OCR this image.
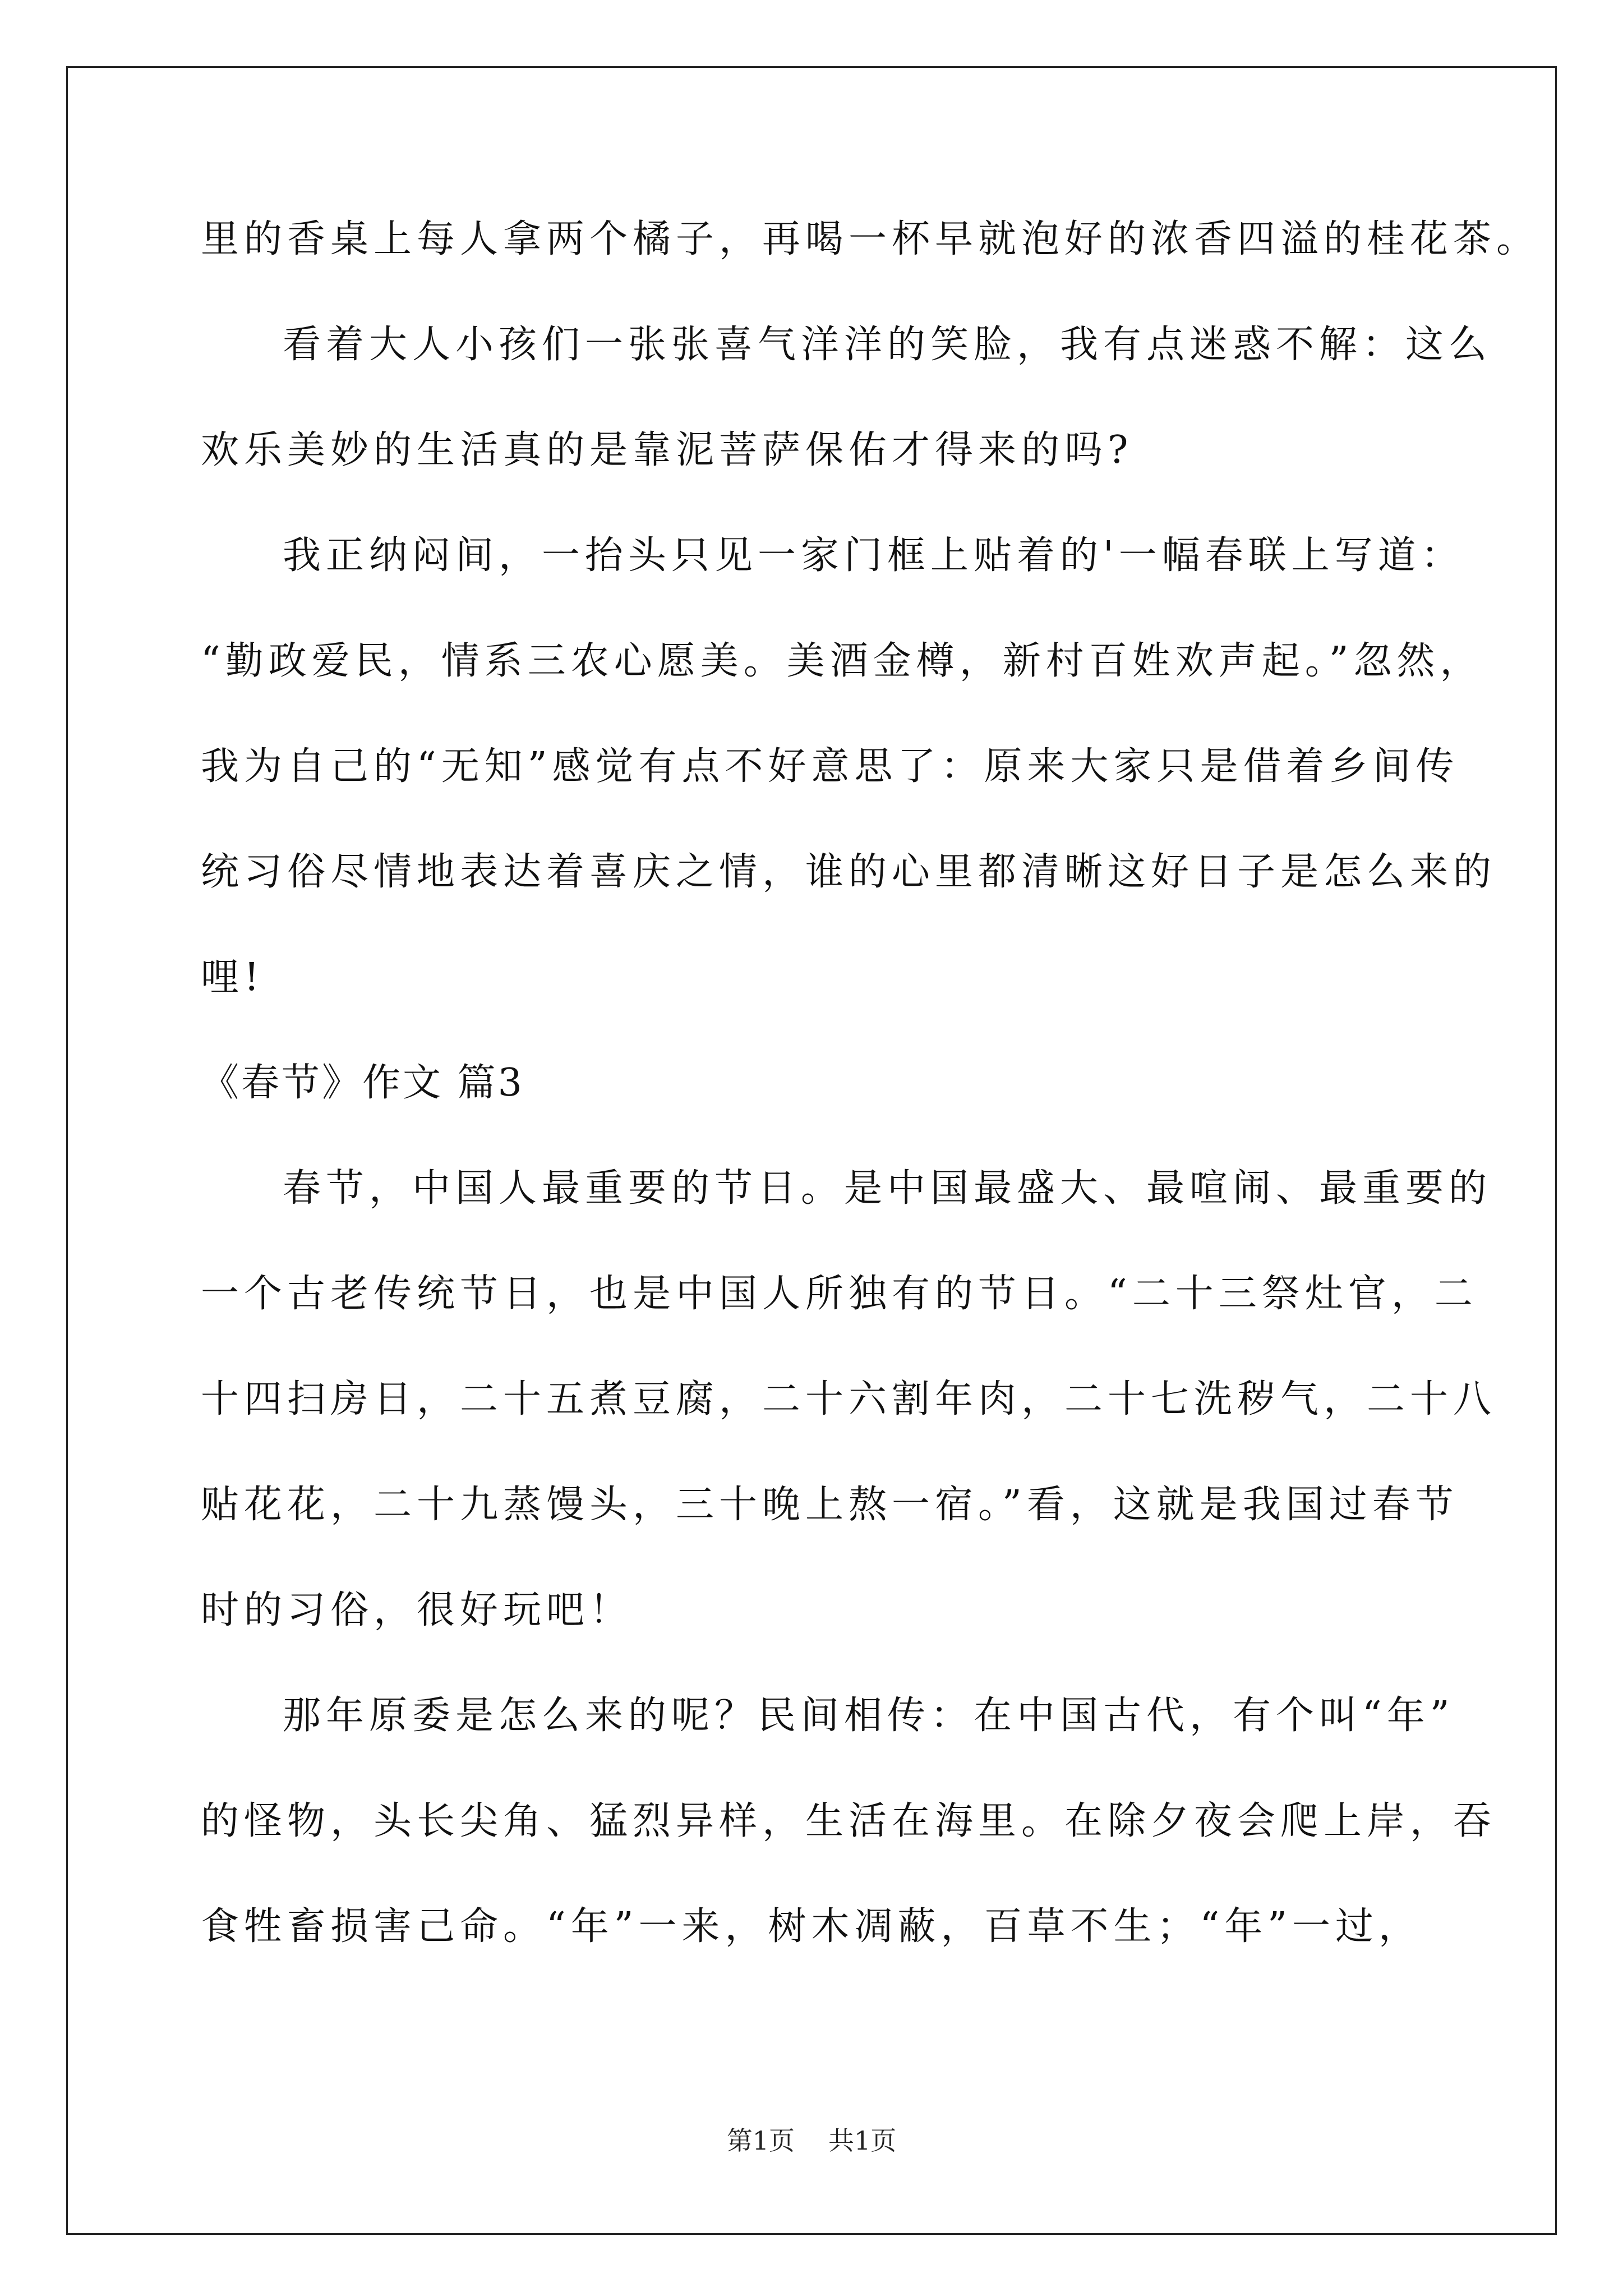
里的香桌上每人拿两个橘子，再喝一杯早就泡好的浓香四溢的桂花茶。
看着大人小孩们一张张喜气洋洋的笑脸，我有点迷惑不解：这么
欢乐美妙的生活真的是靠泥菩萨保佑才得来的吗?
我正纳闷间，一抬头只见一家门框上贴着的'一幅春联上写道：
“勤政爱民，情系三农心愿美。美酒金樽，新村百姓欢声起。”忽然，
我为自己的“无知”感觉有点不好意思了：原来大家只是借着乡间传
统习俗尽情地表达着喜庆之情，谁的心里都清晰这好日子是怎么来的
哩!
《春节》作文 篇3
春节，中国人最重要的节日。是中国最盛大、最喧闹、最重要的
一个古老传统节日，也是中国人所独有的节日。“二十三祭灶官，二
十四扫房日，二十五煮豆腐，二十六割年肉，二十七洗秽气，二十八
贴花花，二十九蒸馒头，三十晚上熬一宿。”看，这就是我国过春节
时的习俗，很好玩吧！
那年原委是怎么来的呢？民间相传：在中国古代，有个叫“年”
的怪物，头长尖角、猛烈异样，生活在海里。在除夕夜会爬上岸，吞
食牲畜损害己命。“年”一来，树木凋蔽，百草不生；“年”一过，
第1页 共1页
